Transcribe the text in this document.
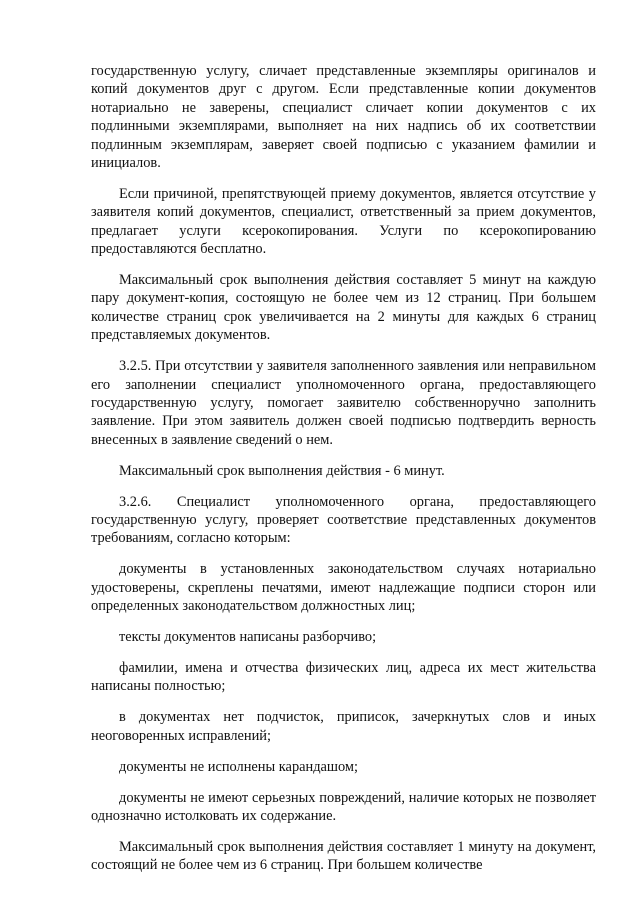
государственную услугу, сличает представленные экземпляры оригиналов и копий документов друг с другом. Если представленные копии документов нотариально не заверены, специалист сличает копии документов с их подлинными экземплярами, выполняет на них надпись об их соответствии подлинным экземплярам, заверяет своей подписью с указанием фамилии и инициалов.

Если причиной, препятствующей приему документов, является отсутствие у заявителя копий документов, специалист, ответственный за прием документов, предлагает услуги ксерокопирования. Услуги по ксерокопированию предоставляются бесплатно.

Максимальный срок выполнения действия составляет 5 минут на каждую пару документ-копия, состоящую не более чем из 12 страниц. При большем количестве страниц срок увеличивается на 2 минуты для каждых 6 страниц представляемых документов.

3.2.5. При отсутствии у заявителя заполненного заявления или неправильном его заполнении специалист уполномоченного органа, предоставляющего государственную услугу, помогает заявителю собственноручно заполнить заявление. При этом заявитель должен своей подписью подтвердить верность внесенных в заявление сведений о нем.

Максимальный срок выполнения действия - 6 минут.

3.2.6. Специалист уполномоченного органа, предоставляющего государственную услугу, проверяет соответствие представленных документов требованиям, согласно которым:

документы в установленных законодательством случаях нотариально удостоверены, скреплены печатями, имеют надлежащие подписи сторон или определенных законодательством должностных лиц;

тексты документов написаны разборчиво;

фамилии, имена и отчества физических лиц, адреса их мест жительства написаны полностью;

в документах нет подчисток, приписок, зачеркнутых слов и иных неоговоренных исправлений;

документы не исполнены карандашом;

документы не имеют серьезных повреждений, наличие которых не позволяет однозначно истолковать их содержание.

Максимальный срок выполнения действия составляет 1 минуту на документ, состоящий не более чем из 6 страниц. При большем количестве
